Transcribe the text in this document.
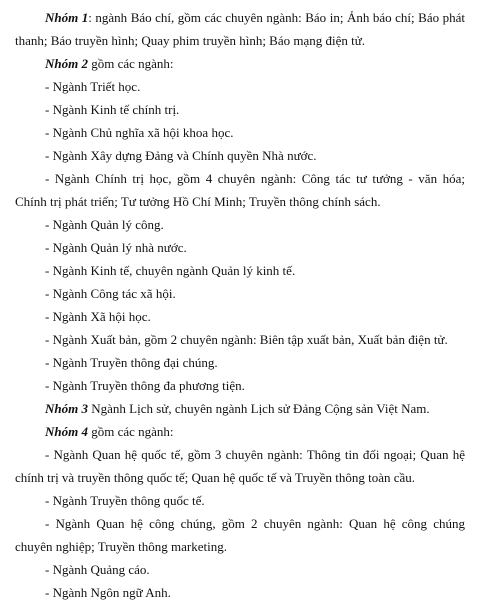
Nhóm 1: ngành Báo chí, gồm các chuyên ngành: Báo in; Ảnh báo chí; Báo phát thanh; Báo truyền hình; Quay phim truyền hình; Báo mạng điện tử.

Nhóm 2 gồm các ngành:

- Ngành Triết học.

- Ngành Kinh tế chính trị.

- Ngành Chủ nghĩa xã hội khoa học.

- Ngành Xây dựng Đảng và Chính quyền Nhà nước.

- Ngành Chính trị học, gồm 4 chuyên ngành: Công tác tư tưởng - văn hóa; Chính trị phát triển; Tư tưởng Hồ Chí Minh; Truyền thông chính sách.

- Ngành Quản lý công.

- Ngành Quản lý nhà nước.

- Ngành Kinh tế, chuyên ngành Quản lý kinh tế.

- Ngành Công tác xã hội.

- Ngành Xã hội học.

- Ngành Xuất bản, gồm 2 chuyên ngành: Biên tập xuất bản, Xuất bản điện tử.

- Ngành Truyền thông đại chúng.

- Ngành Truyền thông đa phương tiện.

Nhóm 3 Ngành Lịch sử, chuyên ngành Lịch sử Đảng Cộng sản Việt Nam.

Nhóm 4 gồm các ngành:

- Ngành Quan hệ quốc tế, gồm 3 chuyên ngành: Thông tin đối ngoại; Quan hệ chính trị và truyền thông quốc tế; Quan hệ quốc tế và Truyền thông toàn cầu.

- Ngành Truyền thông quốc tế.

- Ngành Quan hệ công chúng, gồm 2 chuyên ngành: Quan hệ công chúng chuyên nghiệp; Truyền thông marketing.

- Ngành Quảng cáo.

- Ngành Ngôn ngữ Anh.
